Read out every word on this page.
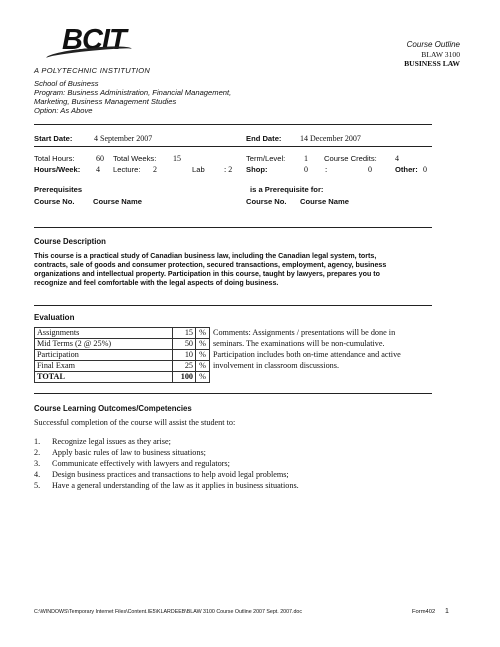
BCIT
A POLYTECHNIC INSTITUTION
School of Business
Program: Business Administration, Financial Management,
Marketing, Business Management Studies
Option: As Above
Course Outline
BLAW 3100
BUSINESS LAW
Start Date:	4 September 2007	End Date: 14 December 2007
Total Hours:	60 Total Weeks: 15	Term/Level: 1 Course Credits: 4
Hours/Week: 4 Lecture: 2	Lab : 2 Shop:	0 :	0	Other: 0
Prerequisites	is a Prerequisite for:
Course No. Course Name	Course No. Course Name
Course Description
This course is a practical study of Canadian business law, including the Canadian legal system, torts,
contracts, sale of goods and consumer protection, secured transactions, employment, agency, business
organizations and intellectual property. Participation in this course, taught by lawyers, prepares you to
recognize and feel comfortable with the legal aspects of doing business.
Evaluation
Assignments	15	%	Comments: Assignments / presentations will be done in
Mid Terms (2 @ 25%)	50	%	seminars. The examinations will be non-cumulative.
Participation	10	%	Participation includes both on-time attendance and active
Final Exam	25	%	involvement in classroom discussions.
TOTAL	100	%	
Course Learning Outcomes/Competencies
Successful completion of the course will assist the student to:
1. Recognize legal issues as they arise;
2. Apply basic rules of law to business situations;
3. Communicate effectively with lawyers and regulators;
4. Design business practices and transactions to help avoid legal problems;
5. Have a general understanding of the law as it applies in business situations.
C:\WINDOWS\Temporary Internet Files\Content.IE5\KLARDEEB\BLAW 3100 Course Outline 2007 Sept. 2007.doc	Form402 1
